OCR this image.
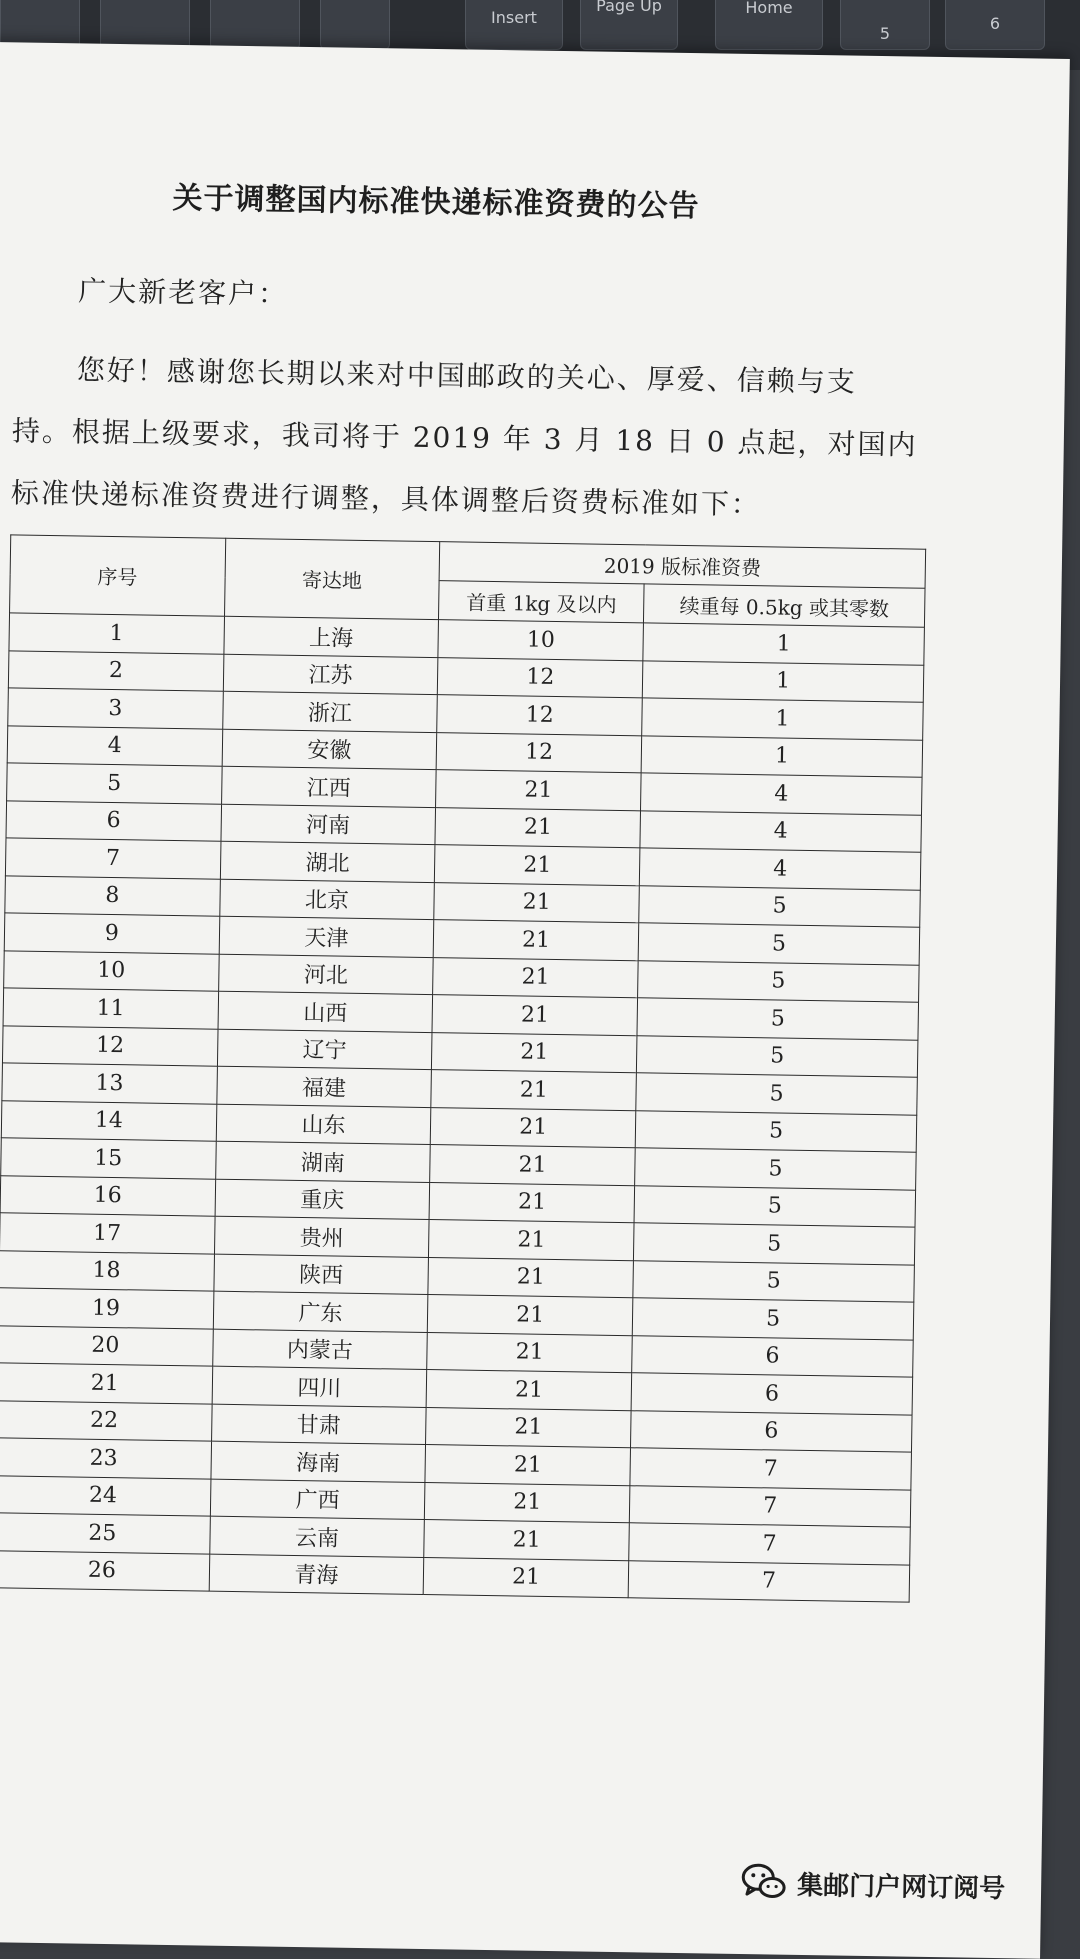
Insert
Page Up	Home
5
6
关于调整国内标准快递标准资费的公告
广大新老客户：
您好！感谢您长期以来对中国邮政的关心、厚爱、信赖与支
持。根据上级要求，我司将于 2019 年 3 月 18 日 0 点起，对国内
标准快递标准资费进行调整，具体调整后资费标准如下：
序号	寄达地	2019 版标准资费	
		首重 1kg 及以内	续重每 0.5kg 或其零数
1	上海	10	1
2	江苏	12	1
3	浙江	12	1
4	安徽	12	1
5	江西	21	4
6	河南	21	4
7	湖北	21	4
8	北京	21	5
9	天津	21	5
10	河北	21	5
11	山西	21	5
12	辽宁	21	5
13	福建	21	5
14	山东	21	5
15	湖南	21	5
16	重庆	21	5
17	贵州	21	5
18	陕西	21	5
19	广东	21	5
20	内蒙古	21	6
21	四川	21	6
22	甘肃	21	6
23	海南	21	7
24	广西	21	7
25	云南	21	7
26	青海	21	7
集邮门户网订阅号
